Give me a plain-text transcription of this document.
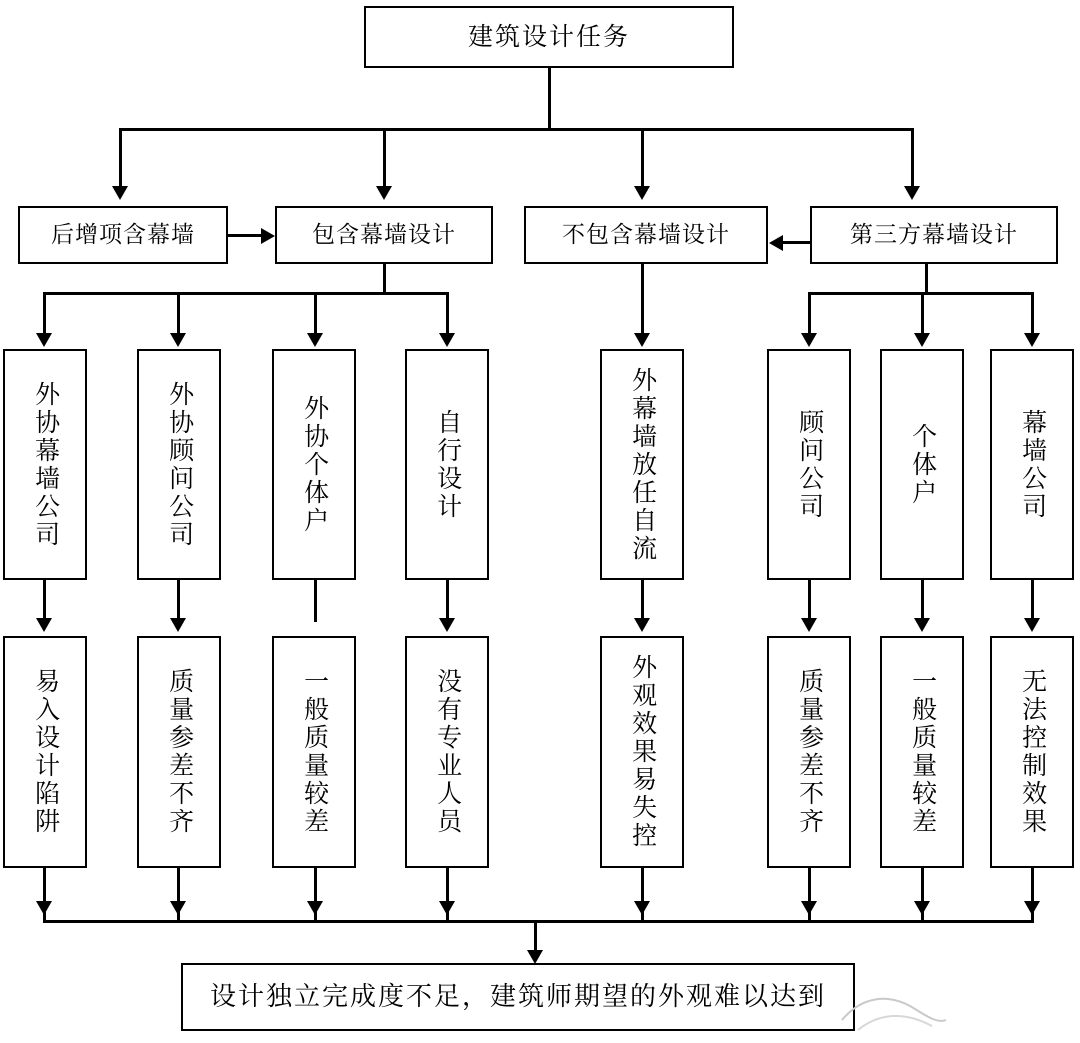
建筑设计任务
后增项含幕墙	包含幕墙设计	不包含幕墙设计	第三方幕墙设计
外协幕墙公司	外协顾问公司	外协个体户	自行设计	外幕墙放任自流	顾问公司	个体户	幕墙公司
易入设计陷阱	质量参差不齐	一般质量较差	没有专业人员	外观效果易失控	质量参差不齐	一般质量较差	无法控制效果
设计独立完成度不足，建筑师期望的外观难以达到
